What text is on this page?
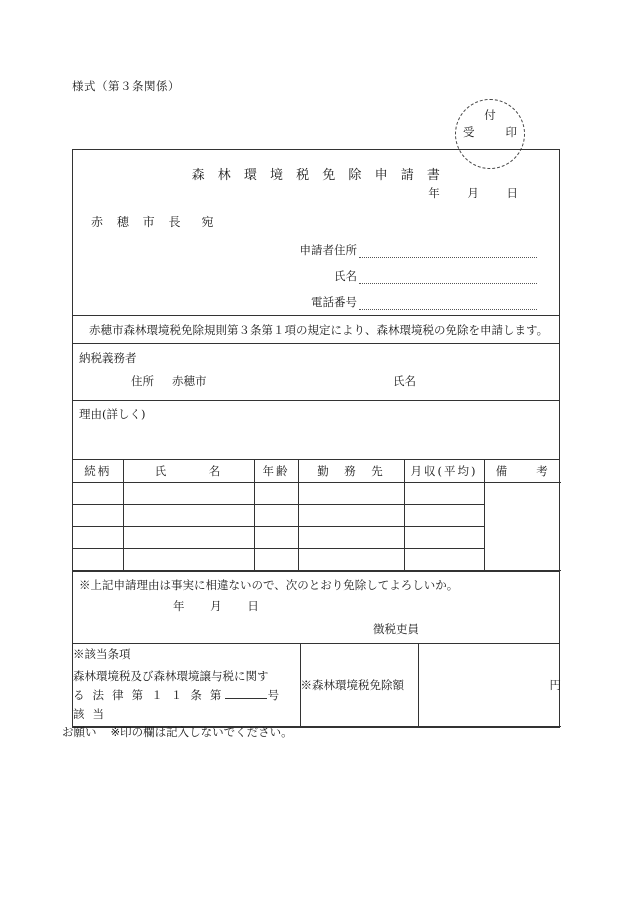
様式（第３条関係）
付
受	印
森 林 環 境 税 免 除 申 請 書
年 月 日
赤 穂 市 長 宛
申請者住所
氏名
電話番号
赤穂市森林環境税免除規則第３条第１項の規定により、森林環境税の免除を申請します。
納税義務者
住所 赤穂市	氏名
理由(詳しく)
続柄	氏　　　名	年齢	勤　務　先	月収(平均)	備　　考

※上記申請理由は事実に相違ないので、次のとおり免除してよろしいか。
年 月 日
徴税吏員
※該当条項
森林環境税及び森林環境譲与税に関す
る 法 律 第 １ １ 条 第	号 該 当
	※森林環境税免除額	円
お願い ※印の欄は記入しないでください。
